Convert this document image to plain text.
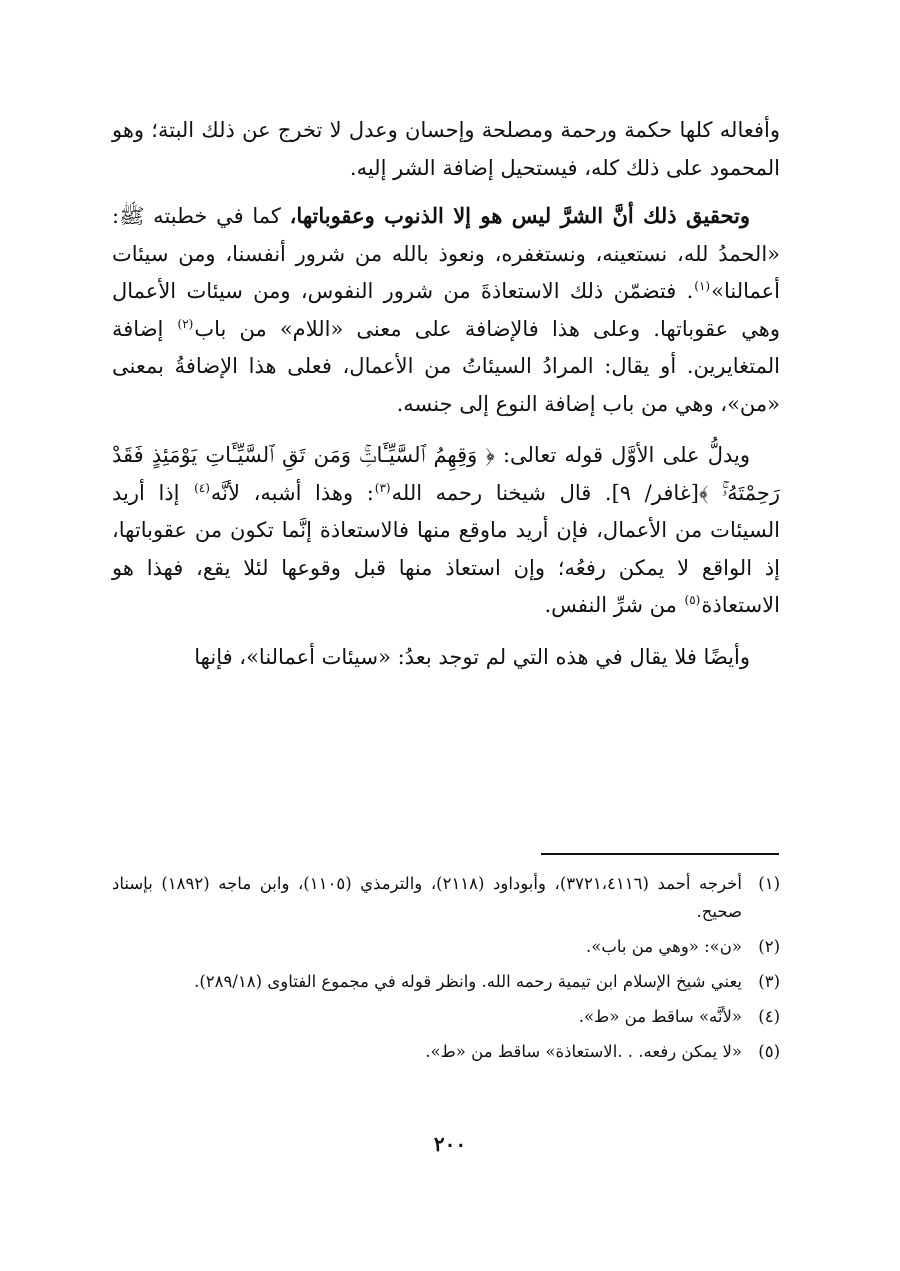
وأفعاله كلها حكمة ورحمة ومصلحة وإحسان وعدل لا تخرج عن ذلك البتة؛ وهو المحمود على ذلك كله، فيستحيل إضافة الشر إليه.

وتحقيق ذلك أنَّ الشرَّ ليس هو إلا الذنوب وعقوباتها، كما في خطبته ﷺ: «الحمدُ لله، نستعينه، ونستغفره، ونعوذ بالله من شرور أنفسنا، ومن سيئات أعمالنا»$^{(١)}$. فتضمّن ذلك الاستعاذةَ من شرور النفوس، ومن سيئات الأعمال وهي عقوباتها. وعلى هذا فالإضافة على معنى «اللام» من باب$^{(٢)}$ إضافة المتغايرين. أو يقال: المرادُ السيئاتُ من الأعمال، فعلى هذا الإضافةُ بمعنى «من»، وهي من باب إضافة النوع إلى جنسه.

ويدلُّ على الأوَّل قوله تعالى: ﴿ وَقِهِمُ ٱلسَّيِّـَٔاتِۚ وَمَن تَقِ ٱلسَّيِّـَٔاتِ يَوْمَئِذٍ فَقَدْ رَحِمْتَهُۥۚ ﴾[غافر/ ٩]. قال شيخنا رحمه الله$^{(٣)}$: وهذا أشبه، لأنَّه$^{(٤)}$ إذا أريد السيئات من الأعمال، فإن أريد ماوقع منها فالاستعاذة إنَّما تكون من عقوباتها، إذ الواقع لا يمكن رفعُه؛ وإن استعاذ منها قبل وقوعها لئلا يقع، فهذا هو الاستعاذة$^{(٥)}$ من شرِّ النفس.

وأيضًا فلا يقال في هذه التي لم توجد بعدُ: «سيئات أعمالنا»، فإنها

(١)
أخرجه أحمد (٣٧٢١،٤١١٦)، وأبوداود (٢١١٨)، والترمذي (١١٠٥)، وابن ماجه (١٨٩٢) بإسناد صحيح.
(٢)
«ن»: «وهي من باب».
(٣)
يعني شيخ الإسلام ابن تيمية رحمه الله. وانظر قوله في مجموع الفتاوى (٢٨٩/١٨).
(٤)
«لأنَّه» ساقط من «ط».
(٥)
«لا يمكن رفعه. . .الاستعاذة» ساقط من «ط».
٢٠٠
